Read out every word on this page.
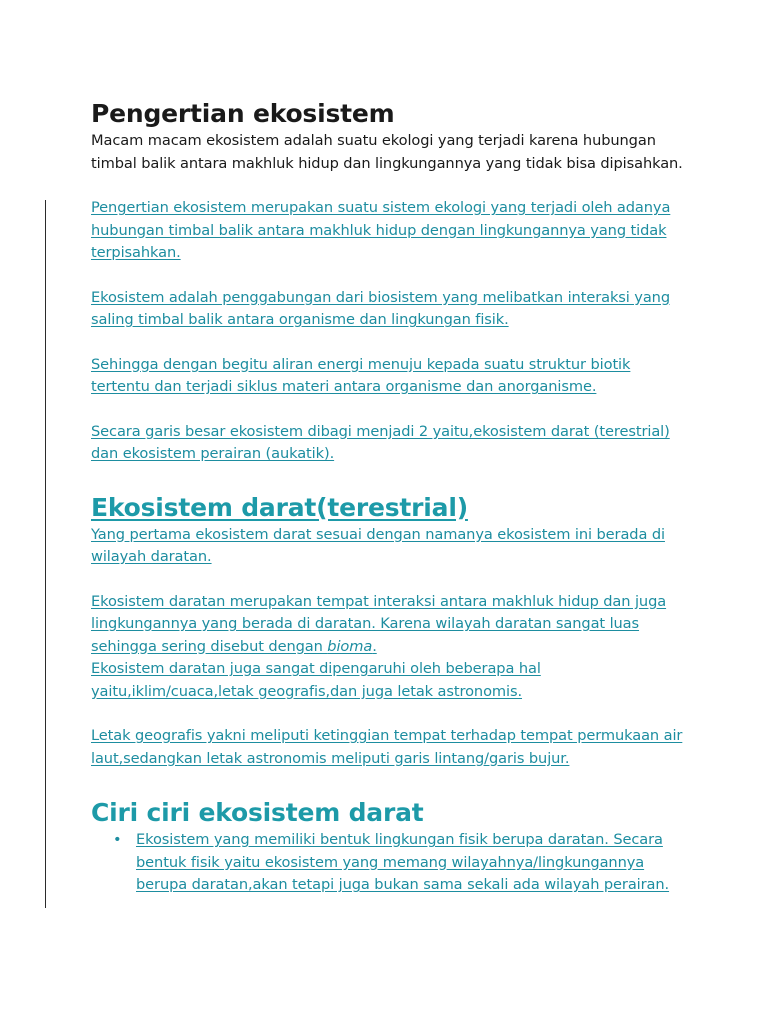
Pengertian ekosistem

Macam macam ekosistem adalah suatu ekologi yang terjadi karena hubungan timbal balik antara makhluk hidup dan lingkungannya yang tidak bisa dipisahkan.

Pengertian ekosistem merupakan suatu sistem ekologi yang terjadi oleh adanya hubungan timbal balik antara makhluk hidup dengan lingkungannya yang tidak terpisahkan.

Ekosistem adalah penggabungan dari biosistem yang melibatkan interaksi yang saling timbal balik antara organisme dan lingkungan fisik.

Sehingga dengan begitu aliran energi menuju kepada suatu struktur biotik tertentu dan terjadi siklus materi antara organisme dan anorganisme.

Secara garis besar ekosistem dibagi menjadi 2 yaitu,ekosistem darat (terestrial) dan ekosistem perairan (aukatik).

Ekosistem darat(terestrial)

Yang pertama ekosistem darat sesuai dengan namanya ekosistem ini berada di wilayah daratan.

Ekosistem daratan merupakan tempat interaksi antara makhluk hidup dan juga lingkungannya yang berada di daratan. Karena wilayah daratan sangat luas sehingga sering disebut dengan bioma.

Ekosistem daratan juga sangat dipengaruhi oleh beberapa hal yaitu,iklim/cuaca,letak geografis,dan juga letak astronomis.

Letak geografis yakni meliputi ketinggian tempat terhadap tempat permukaan air laut,sedangkan letak astronomis meliputi garis lintang/garis bujur.

Ciri ciri ekosistem darat
• Ekosistem yang memiliki bentuk lingkungan fisik berupa daratan. Secara bentuk fisik yaitu ekosistem yang memang wilayahnya/lingkungannya berupa daratan,akan tetapi juga bukan sama sekali ada wilayah perairan.
